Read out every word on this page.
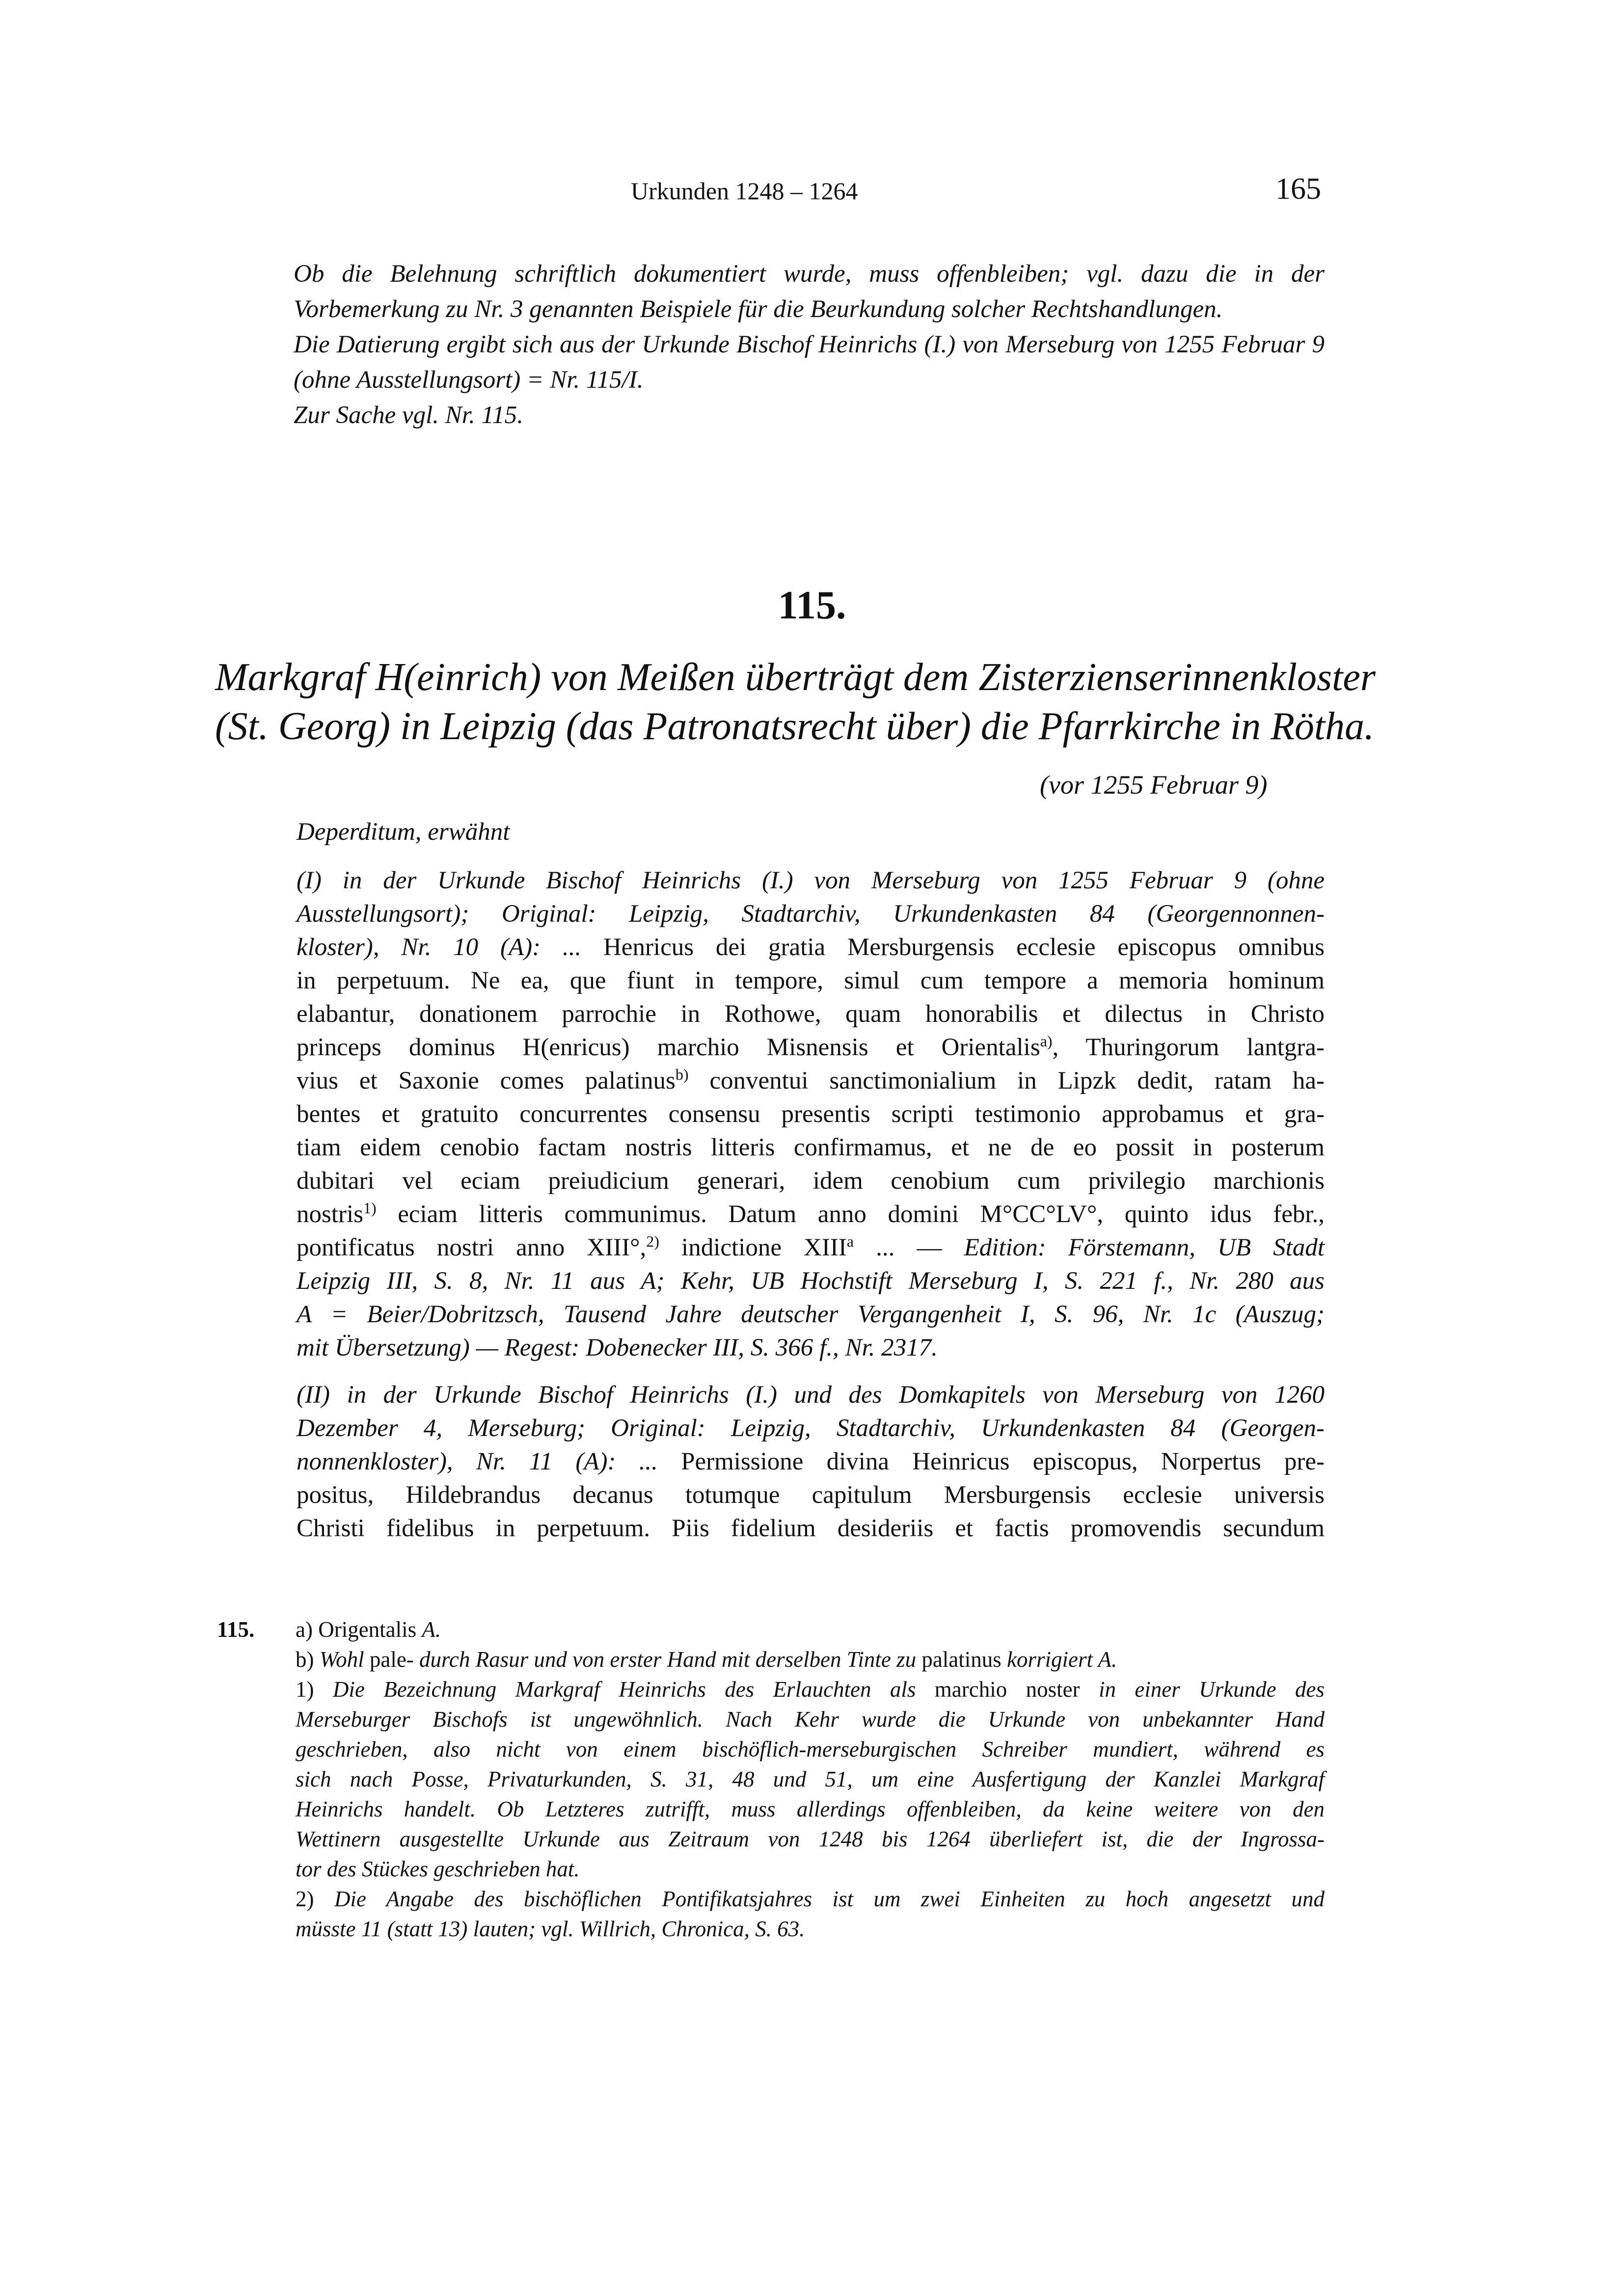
Urkunden 1248 – 1264	165

Ob die Belehnung schriftlich dokumentiert wurde, muss offenbleiben; vgl. dazu die in der Vorbemerkung zu Nr. 3 genannten Beispiele für die Beurkundung solcher Rechtshandlungen.

Die Datierung ergibt sich aus der Urkunde Bischof Heinrichs (I.) von Merseburg von 1255 Februar 9 (ohne Ausstellungsort) = Nr. 115/I.

Zur Sache vgl. Nr. 115.

115.
Markgraf H(einrich) von Meißen überträgt dem Zisterzienserinnenkloster
(St. Georg) in Leipzig (das Patronatsrecht über) die Pfarrkirche in Rötha.
(vor 1255 Februar 9)
Deperditum, erwähnt
(I) in der Urkunde Bischof Heinrichs (I.) von Merseburg von 1255 Februar 9 (ohne
Ausstellungsort); Original: Leipzig, Stadtarchiv, Urkundenkasten 84 (Georgennonnen-
kloster), Nr. 10 (A): ... Henricus dei gratia Mersburgensis ecclesie episcopus omnibus
in perpetuum. Ne ea, que fiunt in tempore, simul cum tempore a memoria hominum
elabantur, donationem parrochie in Rothowe, quam honorabilis et dilectus in Christo
princeps dominus H(enricus) marchio Misnensis et Orientalis$^{a)}$, Thuringorum lantgra-
vius et Saxonie comes palatinus$^{b)}$ conventui sanctimonialium in Lipzk dedit, ratam ha-
bentes et gratuito concurrentes consensu presentis scripti testimonio approbamus et gra-
tiam eidem cenobio factam nostris litteris confirmamus, et ne de eo possit in posterum
dubitari vel eciam preiudicium generari, idem cenobium cum privilegio marchionis
nostris$^{1)}$ eciam litteris communimus. Datum anno domini M°CC°LV°, quinto idus febr.,
pontificatus nostri anno XIII°,$^{2)}$ indictione XIII$^a$ ... — Edition: Förstemann, UB Stadt
Leipzig III, S. 8, Nr. 11 aus A; Kehr, UB Hochstift Merseburg I, S. 221 f., Nr. 280 aus
A = Beier/Dobritzsch, Tausend Jahre deutscher Vergangenheit I, S. 96, Nr. 1c (Auszug;
mit Übersetzung) — Regest: Dobenecker III, S. 366 f., Nr. 2317.
(II) in der Urkunde Bischof Heinrichs (I.) und des Domkapitels von Merseburg von 1260
Dezember 4, Merseburg; Original: Leipzig, Stadtarchiv, Urkundenkasten 84 (Georgen-
nonnenkloster), Nr. 11 (A): ... Permissione divina Heinricus episcopus, Norpertus pre-
positus, Hildebrandus decanus totumque capitulum Mersburgensis ecclesie universis
Christi fidelibus in perpetuum. Piis fidelium desideriis et factis promovendis secundum
115. a) Origentalis A.
b) Wohl pale- durch Rasur und von erster Hand mit derselben Tinte zu palatinus korrigiert A.
1) Die Bezeichnung Markgraf Heinrichs des Erlauchten als marchio noster in einer Urkunde des
Merseburger Bischofs ist ungewöhnlich. Nach Kehr wurde die Urkunde von unbekannter Hand
geschrieben, also nicht von einem bischöflich-merseburgischen Schreiber mundiert, während es
sich nach Posse, Privaturkunden, S. 31, 48 und 51, um eine Ausfertigung der Kanzlei Markgraf
Heinrichs handelt. Ob Letzteres zutrifft, muss allerdings offenbleiben, da keine weitere von den
Wettinern ausgestellte Urkunde aus Zeitraum von 1248 bis 1264 überliefert ist, die der Ingrossa-
tor des Stückes geschrieben hat.
2) Die Angabe des bischöflichen Pontifikatsjahres ist um zwei Einheiten zu hoch angesetzt und
müsste 11 (statt 13) lauten; vgl. Willrich, Chronica, S. 63.
